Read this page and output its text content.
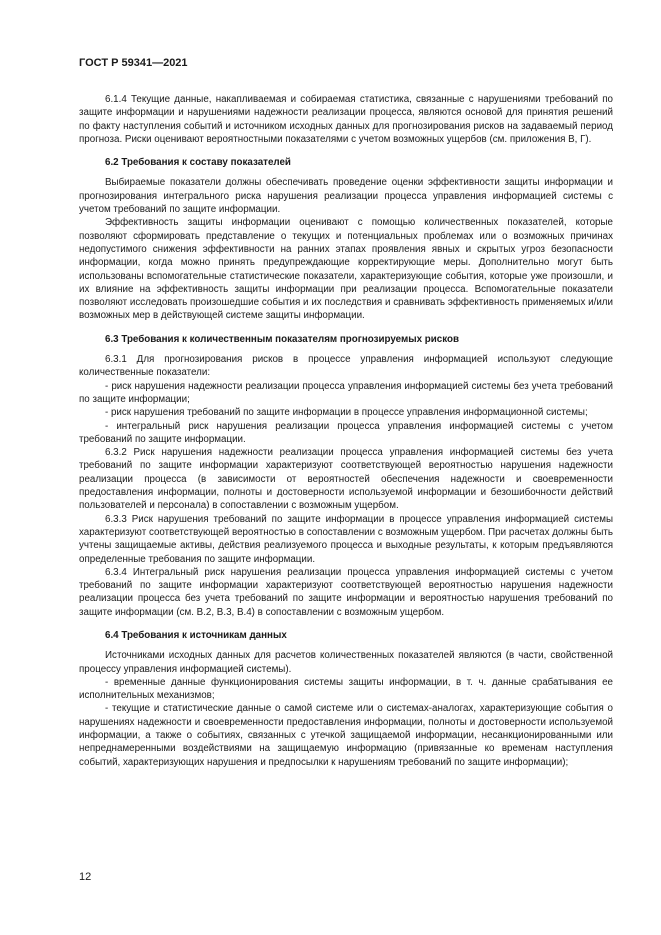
ГОСТ Р 59341—2021

6.1.4 Текущие данные, накапливаемая и собираемая статистика, связанные с нарушениями требований по защите информации и нарушениями надежности реализации процесса, являются основой для принятия решений по факту наступления событий и источником исходных данных для прогнозирования рисков на задаваемый период прогноза. Риски оценивают вероятностными показателями с учетом возможных ущербов (см. приложения В, Г).

6.2 Требования к составу показателей

Выбираемые показатели должны обеспечивать проведение оценки эффективности защиты информации и прогнозирования интегрального риска нарушения реализации процесса управления информацией системы с учетом требований по защите информации.

Эффективность защиты информации оценивают с помощью количественных показателей, которые позволяют сформировать представление о текущих и потенциальных проблемах или о возможных причинах недопустимого снижения эффективности на ранних этапах проявления явных и скрытых угроз безопасности информации, когда можно принять предупреждающие корректирующие меры. Дополнительно могут быть использованы вспомогательные статистические показатели, характеризующие события, которые уже произошли, и их влияние на эффективность защиты информации при реализации процесса. Вспомогательные показатели позволяют исследовать произошедшие события и их последствия и сравнивать эффективность применяемых и/или возможных мер в действующей системе защиты информации.

6.3 Требования к количественным показателям прогнозируемых рисков

6.3.1 Для прогнозирования рисков в процессе управления информацией используют следующие количественные показатели:

- риск нарушения надежности реализации процесса управления информацией системы без учета требований по защите информации;

- риск нарушения требований по защите информации в процессе управления информационной системы;

- интегральный риск нарушения реализации процесса управления информацией системы с учетом требований по защите информации.

6.3.2 Риск нарушения надежности реализации процесса управления информацией системы без учета требований по защите информации характеризуют соответствующей вероятностью нарушения надежности реализации процесса (в зависимости от вероятностей обеспечения надежности и своевременности предоставления информации, полноты и достоверности используемой информации и безошибочности действий пользователей и персонала) в сопоставлении с возможным ущербом.

6.3.3 Риск нарушения требований по защите информации в процессе управления информацией системы характеризуют соответствующей вероятностью в сопоставлении с возможным ущербом. При расчетах должны быть учтены защищаемые активы, действия реализуемого процесса и выходные результаты, к которым предъявляются определенные требования по защите информации.

6.3.4 Интегральный риск нарушения реализации процесса управления информацией системы с учетом требований по защите информации характеризуют соответствующей вероятностью нарушения надежности реализации процесса без учета требований по защите информации и вероятностью нарушения требований по защите информации (см. В.2, В.3, В.4) в сопоставлении с возможным ущербом.

6.4 Требования к источникам данных

Источниками исходных данных для расчетов количественных показателей являются (в части, свойственной процессу управления информацией системы).

- временные данные функционирования системы защиты информации, в т. ч. данные срабатывания ее исполнительных механизмов;

- текущие и статистические данные о самой системе или о системах-аналогах, характеризующие события о нарушениях надежности и своевременности предоставления информации, полноты и достоверности используемой информации, а также о событиях, связанных с утечкой защищаемой информации, несанкционированными или непреднамеренными воздействиями на защищаемую информацию (привязанные ко временам наступления событий, характеризующих нарушения и предпосылки к нарушениям требований по защите информации);

12
